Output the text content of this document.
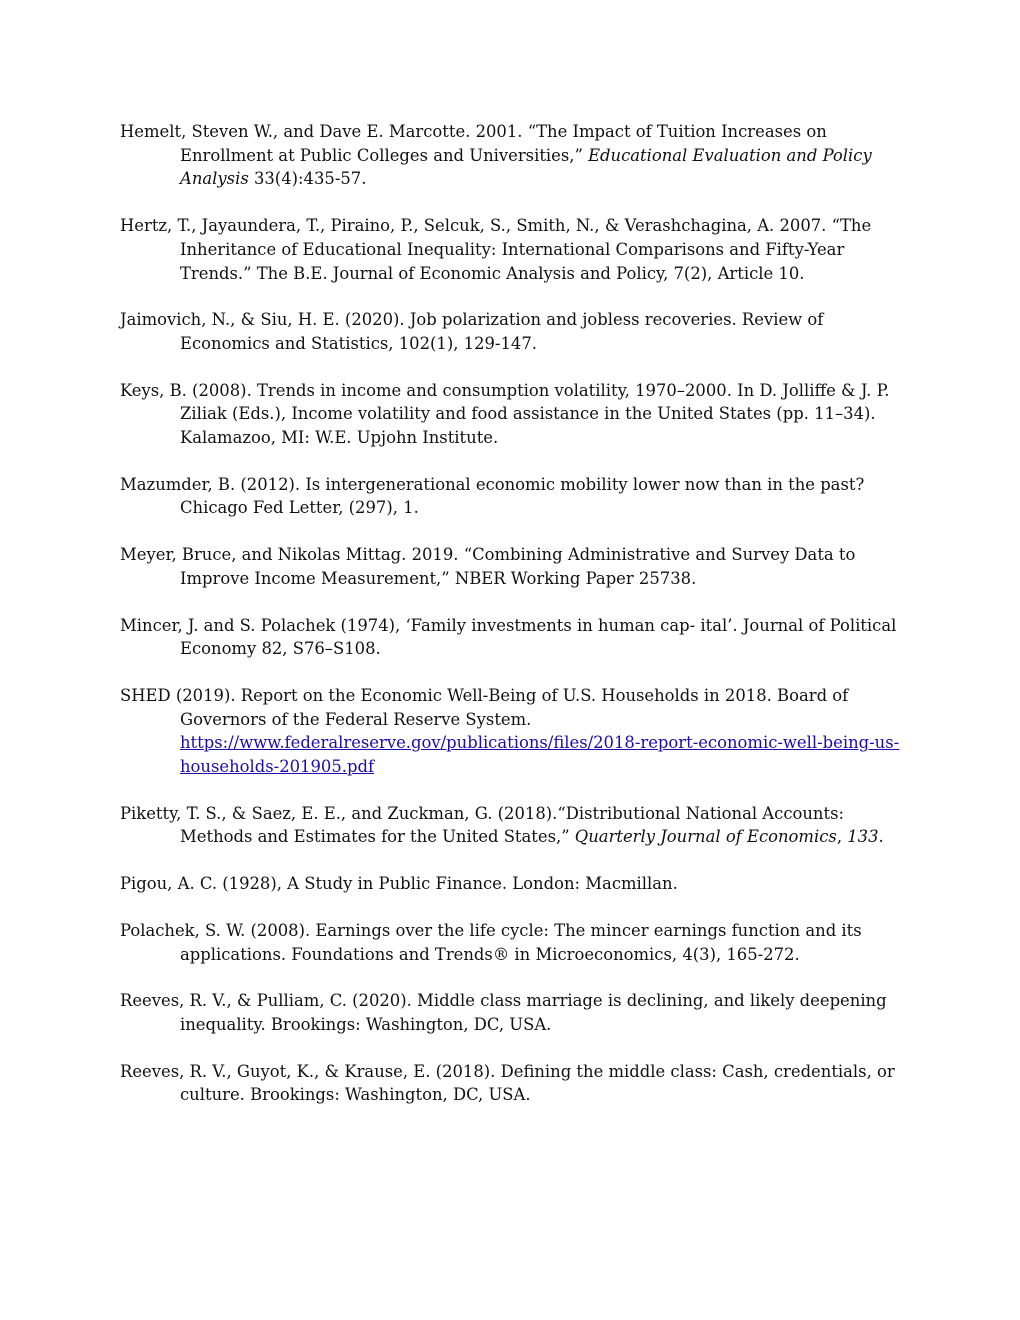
Hemelt, Steven W., and Dave E. Marcotte. 2001. “The Impact of Tuition Increases on Enrollment at Public Colleges and Universities,” Educational Evaluation and Policy Analysis 33(4):435-57.

Hertz, T., Jayaundera, T., Piraino, P., Selcuk, S., Smith, N., & Verashchagina, A. 2007. “The Inheritance of Educational Inequality: International Comparisons and Fifty-Year Trends.” The B.E. Journal of Economic Analysis and Policy, 7(2), Article 10.

Jaimovich, N., & Siu, H. E. (2020). Job polarization and jobless recoveries. Review of Economics and Statistics, 102(1), 129-147.

Keys, B. (2008). Trends in income and consumption volatility, 1970–2000. In D. Jolliffe & J. P. Ziliak (Eds.), Income volatility and food assistance in the United States (pp. 11–34). Kalamazoo, MI: W.E. Upjohn Institute.

Mazumder, B. (2012). Is intergenerational economic mobility lower now than in the past? Chicago Fed Letter, (297), 1.

Meyer, Bruce, and Nikolas Mittag. 2019. “Combining Administrative and Survey Data to Improve Income Measurement,” NBER Working Paper 25738.

Mincer, J. and S. Polachek (1974), ‘Family investments in human cap- ital’. Journal of Political Economy 82, S76–S108.

SHED (2019). Report on the Economic Well-Being of U.S. Households in 2018. Board of Governors of the Federal Reserve System. https://www.federalreserve.gov/publications/files/2018-report-economic-well-being-us-households-201905.pdf

Piketty, T. S., & Saez, E. E., and Zuckman, G. (2018).“Distributional National Accounts: Methods and Estimates for the United States,” Quarterly Journal of Economics, 133.

Pigou, A. C. (1928), A Study in Public Finance. London: Macmillan.

Polachek, S. W. (2008). Earnings over the life cycle: The mincer earnings function and its applications. Foundations and Trends® in Microeconomics, 4(3), 165-272.

Reeves, R. V., & Pulliam, C. (2020). Middle class marriage is declining, and likely deepening inequality. Brookings: Washington, DC, USA.

Reeves, R. V., Guyot, K., & Krause, E. (2018). Defining the middle class: Cash, credentials, or culture. Brookings: Washington, DC, USA.
